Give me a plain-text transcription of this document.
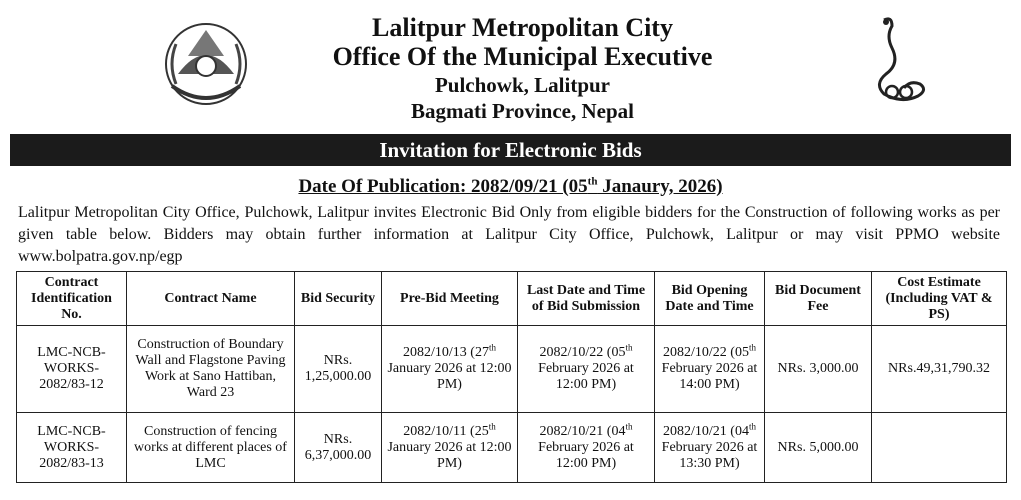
Lalitpur Metropolitan City
Office Of the Municipal Executive
Pulchowk, Lalitpur
Bagmati Province, Nepal
Invitation for Electronic Bids
Date Of Publication: 2082/09/21 (05th Janaury, 2026)
Lalitpur Metropolitan City Office, Pulchowk, Lalitpur invites Electronic Bid Only from eligible bidders for the Construction of following works as per given table below. Bidders may obtain further information at Lalitpur City Office, Pulchowk, Lalitpur or may visit PPMO website www.bolpatra.gov.np/egp
Contract Identification No.	Contract Name	Bid Security	Pre-Bid Meeting	Last Date and Time of Bid Submission	Bid Opening Date and Time	Bid Document Fee	Cost Estimate (Including VAT & PS)
LMC-NCB-WORKS-2082/83-12	Construction of Boundary Wall and Flagstone Paving Work at Sano Hattiban, Ward 23	NRs. 1,25,000.00	2082/10/13 (27th January 2026 at 12:00 PM)	2082/10/22 (05th February 2026 at 12:00 PM)	2082/10/22 (05th February 2026 at 14:00 PM)	NRs. 3,000.00	NRs.49,31,790.32
LMC-NCB-WORKS-2082/83-13	Construction of fencing works at different places of LMC	NRs. 6,37,000.00	2082/10/11 (25th January 2026 at 12:00 PM)	2082/10/21 (04th February 2026 at 12:00 PM)	2082/10/21 (04th February 2026 at 13:30 PM)	NRs. 5,000.00	
